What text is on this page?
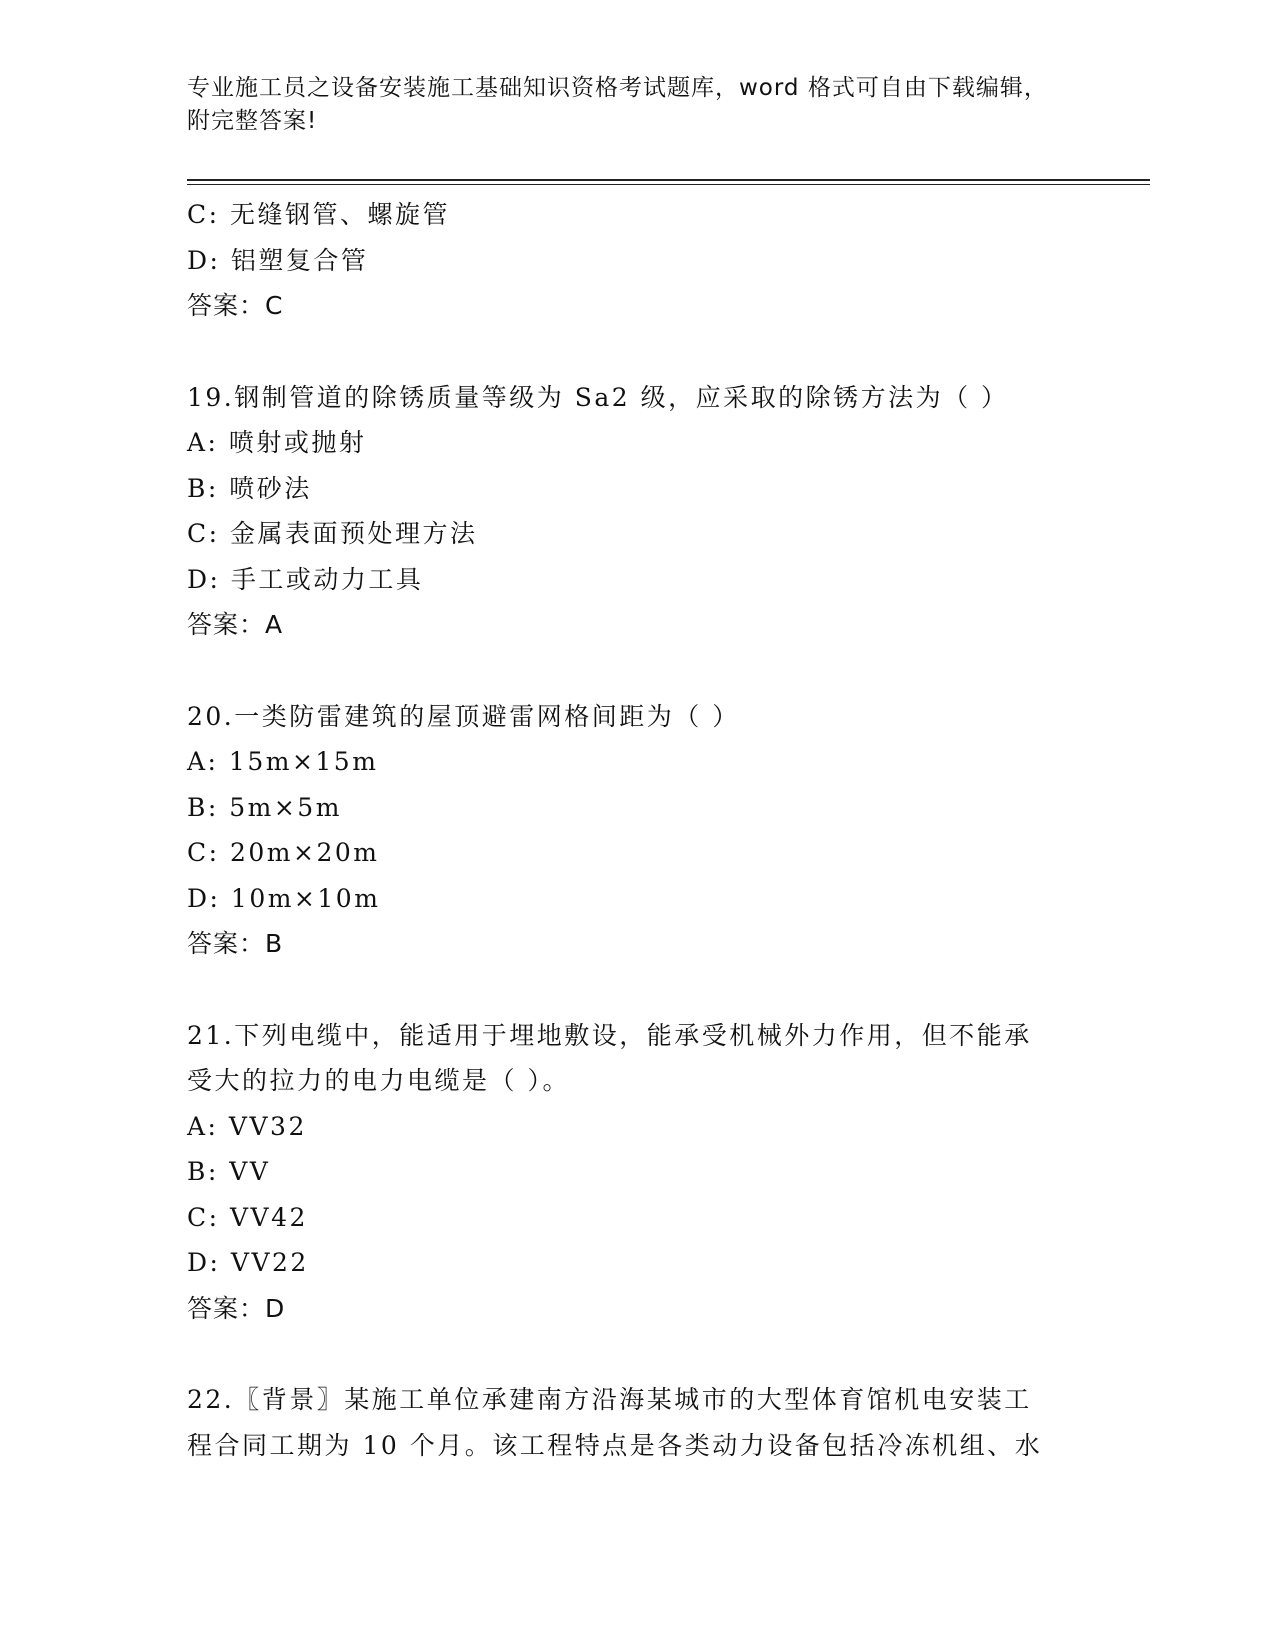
专业施工员之设备安装施工基础知识资格考试题库，word 格式可自由下载编辑，
附完整答案!
C: 无缝钢管、螺旋管
D: 铝塑复合管
答案：C
19.钢制管道的除锈质量等级为 Sa2 级，应采取的除锈方法为（ ）
A: 喷射或抛射
B: 喷砂法
C: 金属表面预处理方法
D: 手工或动力工具
答案：A
20.一类防雷建筑的屋顶避雷网格间距为（ ）
A: 15m×15m
B: 5m×5m
C: 20m×20m
D: 10m×10m
答案：B
21.下列电缆中，能适用于埋地敷设，能承受机械外力作用，但不能承
受大的拉力的电力电缆是（ ）。
A: VV32
B: VV
C: VV42
D: VV22
答案：D
22.〖背景〗某施工单位承建南方沿海某城市的大型体育馆机电安装工
程合同工期为 10 个月。该工程特点是各类动力设备包括冷冻机组、水
